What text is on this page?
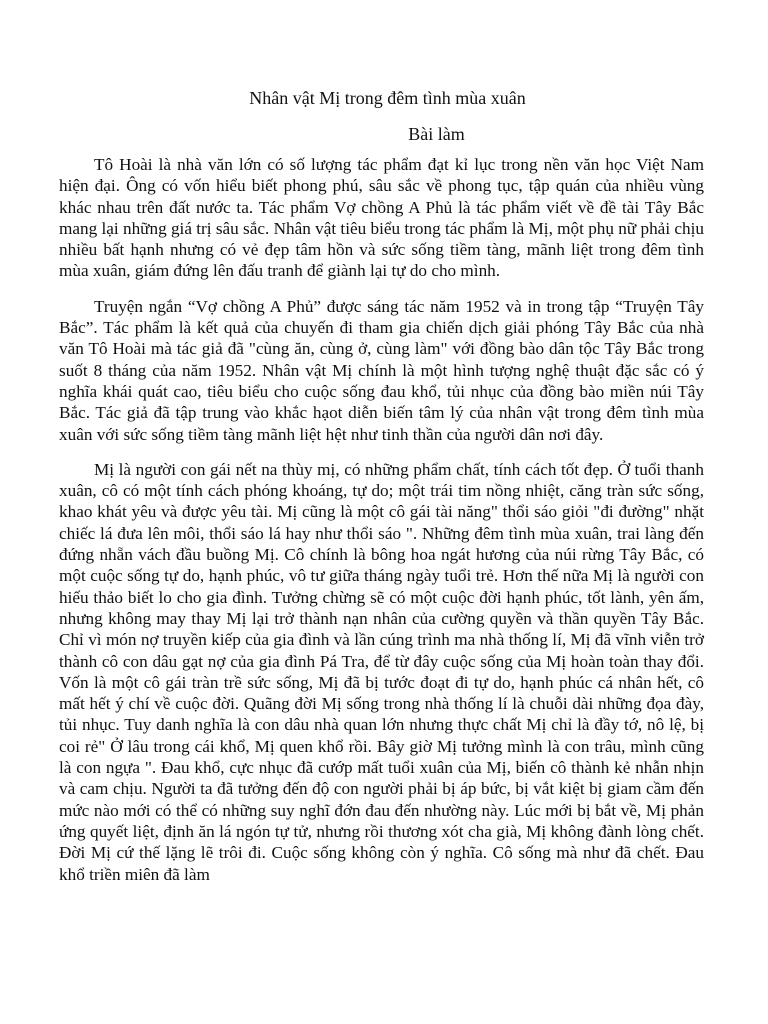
Nhân vật Mị trong đêm tình mùa xuân
Bài làm

Tô Hoài là nhà văn lớn có số lượng tác phẩm đạt kỉ lục trong nền văn học Việt Nam hiện đại. Ông có vốn hiểu biết phong phú, sâu sắc về phong tục, tập quán của nhiều vùng khác nhau trên đất nước ta. Tác phẩm Vợ chồng A Phủ là tác phẩm viết về đề tài Tây Bắc mang lại những giá trị sâu sắc. Nhân vật tiêu biểu trong tác phẩm là Mị, một phụ nữ phải chịu nhiều bất hạnh nhưng có vẻ đẹp tâm hồn và sức sống tiềm tàng, mãnh liệt trong đêm tình mùa xuân, giám đứng lên đấu tranh để giành lại tự do cho mình.

Truyện ngắn “Vợ chồng A Phủ” được sáng tác năm 1952 và in trong tập “Truyện Tây Bắc”. Tác phẩm là kết quả của chuyến đi tham gia chiến dịch giải phóng Tây Bắc của nhà văn Tô Hoài mà tác giả đã "cùng ăn, cùng ở, cùng làm" với đồng bào dân tộc Tây Bắc trong suốt 8 tháng của năm 1952. Nhân vật Mị chính là một hình tượng nghệ thuật đặc sắc có ý nghĩa khái quát cao, tiêu biểu cho cuộc sống đau khổ, tủi nhục của đồng bào miền núi Tây Bắc. Tác giả đã tập trung vào khắc hạot diễn biến tâm lý của nhân vật trong đêm tình mùa xuân với sức sống tiềm tàng mãnh liệt hệt như tinh thần của người dân nơi đây.

Mị là người con gái nết na thùy mị, có những phẩm chất, tính cách tốt đẹp. Ở tuổi thanh xuân, cô có một tính cách phóng khoáng, tự do; một trái tim nồng nhiệt, căng tràn sức sống, khao khát yêu và được yêu tài. Mị cũng là một cô gái tài năng" thổi sáo giỏi "đi đường" nhặt chiếc lá đưa lên môi, thổi sáo lá hay như thổi sáo ". Những đêm tình mùa xuân, trai làng đến đứng nhẵn vách đầu buồng Mị. Cô chính là bông hoa ngát hương của núi rừng Tây Bắc, có một cuộc sống tự do, hạnh phúc, vô tư giữa tháng ngày tuổi trẻ. Hơn thế nữa Mị là người con hiếu thảo biết lo cho gia đình. Tưởng chừng sẽ có một cuộc đời hạnh phúc, tốt lành, yên ấm, nhưng không may thay Mị lại trở thành nạn nhân của cường quyền và thần quyền Tây Bắc. Chỉ vì món nợ truyền kiếp của gia đình và lần cúng trình ma nhà thống lí, Mị đã vĩnh viễn trở thành cô con dâu gạt nợ của gia đình Pá Tra, để từ đây cuộc sống của Mị hoàn toàn thay đổi. Vốn là một cô gái tràn trề sức sống, Mị đã bị tước đoạt đi tự do, hạnh phúc cá nhân hết, cô mất hết ý chí về cuộc đời. Quãng đời Mị sống trong nhà thống lí là chuỗi dài những đọa đày, tủi nhục. Tuy danh nghĩa là con dâu nhà quan lớn nhưng thực chất Mị chỉ là đầy tớ, nô lệ, bị coi rẻ" Ở lâu trong cái khổ, Mị quen khổ rồi. Bây giờ Mị tưởng mình là con trâu, mình cũng là con ngựa ". Đau khổ, cực nhục đã cướp mất tuổi xuân của Mị, biến cô thành kẻ nhẫn nhịn và cam chịu. Người ta đã tưởng đến độ con người phải bị áp bức, bị vắt kiệt bị giam cầm đến mức nào mới có thể có những suy nghĩ đớn đau đến nhường này. Lúc mới bị bắt về, Mị phản ứng quyết liệt, định ăn lá ngón tự tử, nhưng rồi thương xót cha già, Mị không đành lòng chết. Đời Mị cứ thế lặng lẽ trôi đi. Cuộc sống không còn ý nghĩa. Cô sống mà như đã chết. Đau khổ triền miên đã làm
